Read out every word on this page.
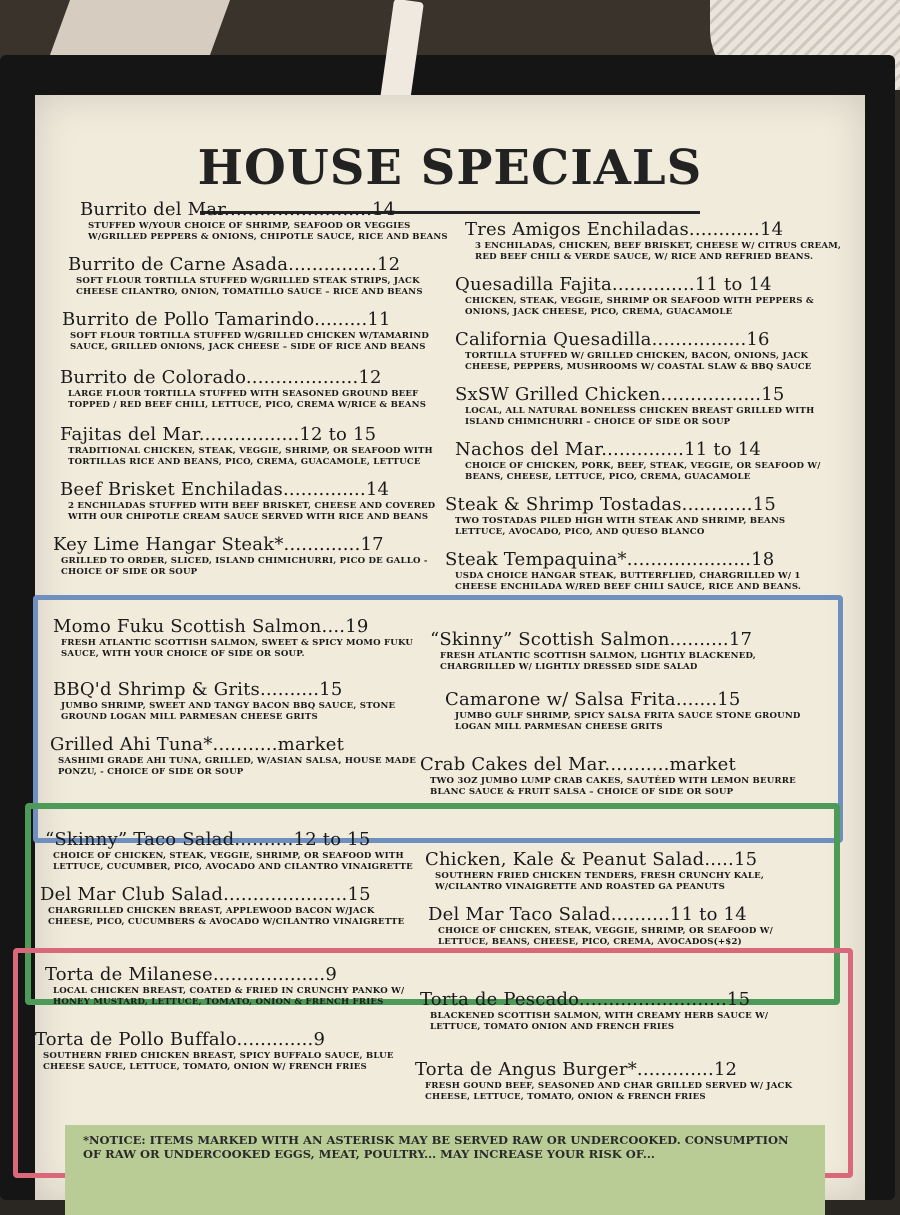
HOUSE SPECIALS
Burrito del Mar.........................14
STUFFED W/YOUR CHOICE OF SHRIMP, SEAFOOD OR VEGGIES W/GRILLED PEPPERS & ONIONS, CHIPOTLE SAUCE, RICE AND BEANS
Burrito de Carne Asada...............12
SOFT FLOUR TORTILLA STUFFED W/GRILLED STEAK STRIPS, JACK CHEESE CILANTRO, ONION, TOMATILLO SAUCE – RICE AND BEANS
Burrito de Pollo Tamarindo.........11
SOFT FLOUR TORTILLA STUFFED W/GRILLED CHICKEN W/TAMARIND SAUCE, GRILLED ONIONS, JACK CHEESE – SIDE OF RICE AND BEANS
Burrito de Colorado...................12
LARGE FLOUR TORTILLA STUFFED WITH SEASONED GROUND BEEF TOPPED / RED BEEF CHILI, LETTUCE, PICO, CREMA W/RICE & BEANS
Fajitas del Mar.................12 to 15
TRADITIONAL CHICKEN, STEAK, VEGGIE, SHRIMP, OR SEAFOOD WITH TORTILLAS RICE AND BEANS, PICO, CREMA, GUACAMOLE, LETTUCE
Beef Brisket Enchiladas..............14
2 ENCHILADAS STUFFED WITH BEEF BRISKET, CHEESE AND COVERED WITH OUR CHIPOTLE CREAM SAUCE SERVED WITH RICE AND BEANS
Key Lime Hangar Steak*.............17
GRILLED TO ORDER, SLICED, ISLAND CHIMICHURRI, PICO DE GALLO - CHOICE OF SIDE OR SOUP
Tres Amigos Enchiladas............14
3 ENCHILADAS, CHICKEN, BEEF BRISKET, CHEESE W/ CITRUS CREAM, RED BEEF CHILI & VERDE SAUCE, W/ RICE AND REFRIED BEANS.
Quesadilla Fajita..............11 to 14
CHICKEN, STEAK, VEGGIE, SHRIMP OR SEAFOOD WITH PEPPERS & ONIONS, JACK CHEESE, PICO, CREMA, GUACAMOLE
California Quesadilla................16
TORTILLA STUFFED W/ GRILLED CHICKEN, BACON, ONIONS, JACK CHEESE, PEPPERS, MUSHROOMS W/ COASTAL SLAW & BBQ SAUCE
SxSW Grilled Chicken.................15
LOCAL, ALL NATURAL BONELESS CHICKEN BREAST GRILLED WITH ISLAND CHIMICHURRI – CHOICE OF SIDE OR SOUP
Nachos del Mar..............11 to 14
CHOICE OF CHICKEN, PORK, BEEF, STEAK, VEGGIE, OR SEAFOOD W/ BEANS, CHEESE, LETTUCE, PICO, CREMA, GUACAMOLE
Steak & Shrimp Tostadas............15
TWO TOSTADAS PILED HIGH WITH STEAK AND SHRIMP, BEANS LETTUCE, AVOCADO, PICO, AND QUESO BLANCO
Steak Tempaquina*.....................18
USDA CHOICE HANGAR STEAK, BUTTERFLIED, CHARGRILLED W/ 1 CHEESE ENCHILADA W/RED BEEF CHILI SAUCE, RICE AND BEANS.
Momo Fuku Scottish Salmon....19
FRESH ATLANTIC SCOTTISH SALMON, SWEET & SPICY MOMO FUKU SAUCE, WITH YOUR CHOICE OF SIDE OR SOUP.
BBQ'd Shrimp & Grits..........15
JUMBO SHRIMP, SWEET AND TANGY BACON BBQ SAUCE, STONE GROUND LOGAN MILL PARMESAN CHEESE GRITS
Grilled Ahi Tuna*...........market
SASHIMI GRADE AHI TUNA, GRILLED, W/ASIAN SALSA, HOUSE MADE PONZU, - CHOICE OF SIDE OR SOUP
“Skinny” Scottish Salmon..........17
FRESH ATLANTIC SCOTTISH SALMON, LIGHTLY BLACKENED, CHARGRILLED W/ LIGHTLY DRESSED SIDE SALAD
Camarone w/ Salsa Frita.......15
JUMBO GULF SHRIMP, SPICY SALSA FRITA SAUCE STONE GROUND LOGAN MILL PARMESAN CHEESE GRITS
Crab Cakes del Mar...........market
TWO 3OZ JUMBO LUMP CRAB CAKES, SAUTÉED WITH LEMON BEURRE BLANC SAUCE & FRUIT SALSA – CHOICE OF SIDE OR SOUP
“Skinny” Taco Salad..........12 to 15
CHOICE OF CHICKEN, STEAK, VEGGIE, SHRIMP, OR SEAFOOD WITH LETTUCE, CUCUMBER, PICO, AVOCADO AND CILANTRO VINAIGRETTE
Del Mar Club Salad.....................15
CHARGRILLED CHICKEN BREAST, APPLEWOOD BACON W/JACK CHEESE, PICO, CUCUMBERS & AVOCADO W/CILANTRO VINAIGRETTE
Chicken, Kale & Peanut Salad.....15
SOUTHERN FRIED CHICKEN TENDERS, FRESH CRUNCHY KALE, W/CILANTRO VINAIGRETTE AND ROASTED GA PEANUTS
Del Mar Taco Salad..........11 to 14
CHOICE OF CHICKEN, STEAK, VEGGIE, SHRIMP, OR SEAFOOD W/ LETTUCE, BEANS, CHEESE, PICO, CREMA, AVOCADOS(+$2)
Torta de Milanese...................9
LOCAL CHICKEN BREAST, COATED & FRIED IN CRUNCHY PANKO W/ HONEY MUSTARD, LETTUCE, TOMATO, ONION & FRENCH FRIES
Torta de Pollo Buffalo.............9
SOUTHERN FRIED CHICKEN BREAST, SPICY BUFFALO SAUCE, BLUE CHEESE SAUCE, LETTUCE, TOMATO, ONION W/ FRENCH FRIES
Torta de Pescado.........................15
BLACKENED SCOTTISH SALMON, WITH CREAMY HERB SAUCE W/ LETTUCE, TOMATO ONION AND FRENCH FRIES
Torta de Angus Burger*.............12
FRESH GOUND BEEF, SEASONED AND CHAR GRILLED SERVED W/ JACK CHEESE, LETTUCE, TOMATO, ONION & FRENCH FRIES
*NOTICE: ITEMS MARKED WITH AN ASTERISK MAY BE SERVED RAW OR UNDERCOOKED. CONSUMPTION OF RAW OR UNDERCOOKED EGGS, MEAT, POULTRY... MAY INCREASE YOUR RISK OF...
